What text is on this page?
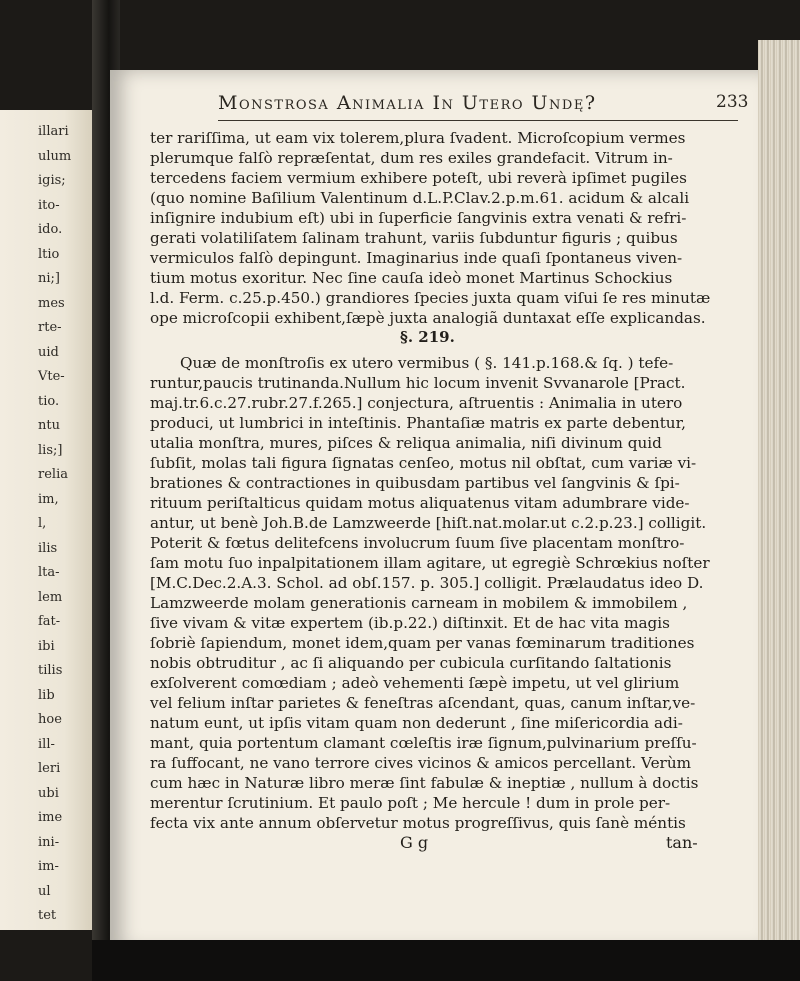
illari
ulum
igis;
ito-
ido.
ltio
ni;]
mes
rte-
uid
Vte-
tio.
ntu
lis;]
relia
im,
l,
ilis
lta-
lem
fat-
ibi
tilis
lib
hoe
ill-
leri
ubi
ime
ini-
im-
ul
tet
Monstrosa Animalia In Utero Undę?	233
ter rariſſima, ut eam vix tolerem,plura ſvadent. Microſcopium vermes
plerumque falſò repræſentat, dum res exiles grandefacit. Vitrum in-
tercedens faciem vermium exhibere poteſt, ubi reverà ipſimet pugiles
(quo nomine Baſilium Valentinum d.L.P.Clav.2.p.m.61. acidum & alcali
inſignire indubium eſt) ubi in ſuperficie ſangvinis extra venati & refri-
gerati volatiliſatem ſalinam trahunt, variis ſubduntur figuris ; quibus
vermiculos falſò depingunt. Imaginarius inde quaſi ſpontaneus viven-
tium motus exoritur. Nec ſine cauſa ideò monet Martinus Schockius
l.d. Ferm. c.25.p.450.) grandiores ſpecies juxta quam viſui ſe res minutæ
ope microſcopii exhibent,ſæpè juxta analogiã duntaxat eſſe explicandas.
Quæ de monſtroſis ex utero vermibus ( §. 141.p.168.& ſq. ) tefe-
runtur,paucis trutinanda.Nullum hic locum invenit Svvanarole [Pract.
maj.tr.6.c.27.rubr.27.f.265.] conjectura, aſtruentis : Animalia in utero
produci, ut lumbrici in inteſtinis. Phantaſiæ matris ex parte debentur,
utalia monſtra, mures, piſces & reliqua animalia, niſi divinum quid
ſubſit, molas tali figura ſignatas cenſeo, motus nil obſtat, cum variæ vi-
brationes & contractiones in quibusdam partibus vel ſangvinis & ſpi-
rituum periſtalticus quidam motus aliquatenus vitam adumbrare vide-
antur, ut benè Joh.B.de Lamzweerde [hiſt.nat.molar.ut c.2.p.23.] colligit.
Poterit & fœtus delitefcens involucrum ſuum ſive placentam monſtro-
ſam motu ſuo inpalpitationem illam agitare, ut egregiè Schrœkius noſter
[M.C.Dec.2.A.3. Schol. ad obſ.157. p. 305.] colligit. Prælaudatus ideo D.
Lamzweerde molam generationis carneam in mobilem & immobilem ,
ſive vivam & vitæ expertem (ib.p.22.) diſtinxit. Et de hac vita magis
ſobriè ſapiendum, monet idem,quam per vanas fœminarum traditiones
nobis obtruditur , ac ſi aliquando per cubicula curſitando ſaltationis
exſolverent comœdiam ; adeò vehementi ſæpè impetu, ut vel glirium
vel felium inſtar parietes & feneſtras aſcendant, quas, canum inſtar,ve-
natum eunt, ut ipſis vitam quam non dederunt , ſine miſericordia adi-
mant, quia portentum clamant cœleſtis iræ ſignum,pulvinarium preſſu-
ra ſuffocant, ne vano terrore cives vicinos & amicos percellant. Verùm
cum hæc in Naturæ libro meræ ſint fabulæ & ineptiæ , nullum à doctis
merentur ſcrutinium. Et paulo poſt ; Me hercule ! dum in prole per-
fecta vix ante annum obſervetur motus progreſſivus, quis ſanè méntis
§. 219.
G g	tan-
